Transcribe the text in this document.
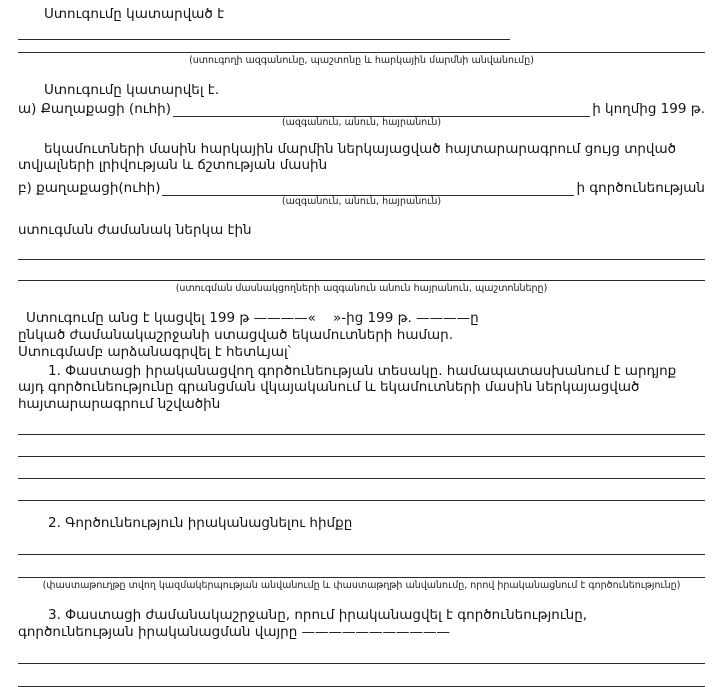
Ստուգումը կատարված է

(ստուգողի ազգանունը, պաշտոնը և հարկային մարմնի անվանումը)

Ստուգումը կատարվել է.

ա) Քաղաքացի (ուհի)	ի կողմից 199 թ.

(ազգանուն, անուն, հայրանուն)

եկամուտների մասին հարկային մարմին ներկայացված հայտարարագրում ցույց տրված տվյալների լրիվության և ճշտության մասին

բ) քաղաքացի(ուհի)	ի գործունեության

(ազգանուն, անուն, հայրանուն)

ստուգման ժամանակ ներկա էին

(ստուգման մասնակցողների ազգանուն անուն հայրանուն, պաշտոնները)

Ստուգումը անց է կացվել 199 թ ————«    »-ից 199 թ. ————ը

ընկած ժամանակաշրջանի ստացված եկամուտների համար.

Ստուգմամբ արձանագրվել է հետևյալ՝

1. Փաստացի իրականացվող գործունեության տեսակը. համապատասխանում է արդյոք այդ գործունեությունը գրանցման վկայականում և եկամուտների մասին ներկայացված հայտարարագրում նշվածին

2. Գործունեություն իրականացնելու հիմքը

(փաստաթուղթը տվող կազմակերպության անվանումը և փաստաթղթի անվանումը, որով իրականացնում է գործունեությունը)

3. Փաստացի ժամանակաշրջանը, որում իրականացվել է գործունեությունը, գործունեության իրականացման վայրը ———————————
